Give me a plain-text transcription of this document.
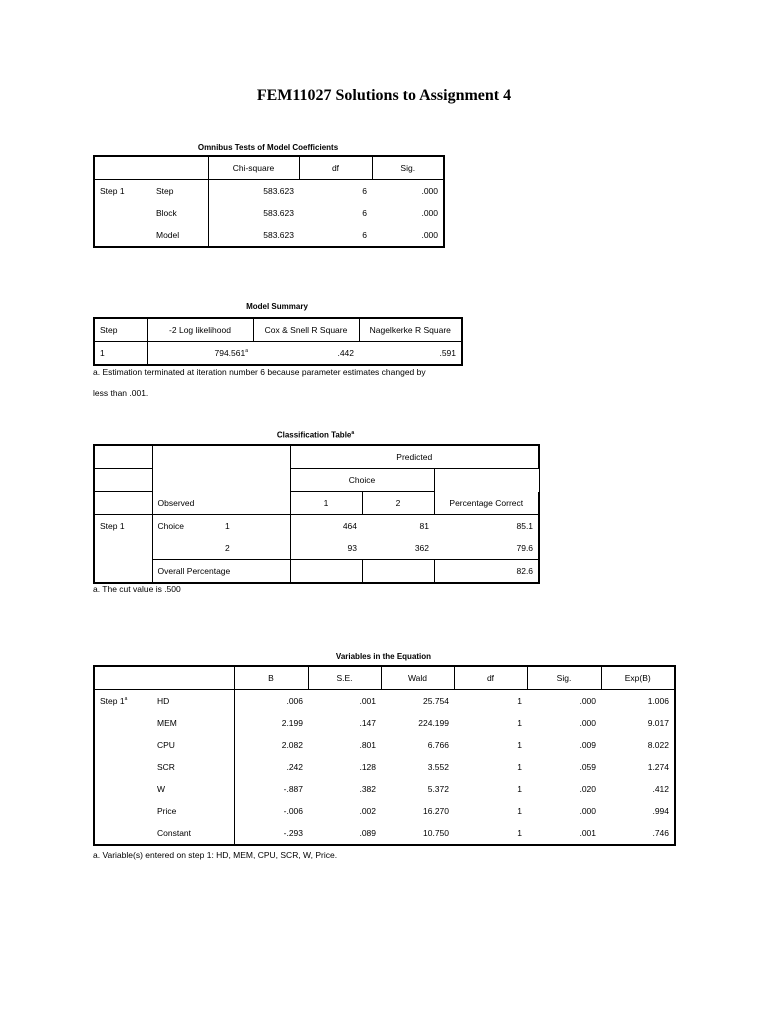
FEM11027 Solutions to Assignment 4
Omnibus Tests of Model Coefficients
		Chi-square	df	Sig.
Step 1	Step	583.623	6	.000
	Block	583.623	6	.000
	Model	583.623	6	.000
Model Summary
Step	-2 Log likelihood	Cox & Snell R Square	Nagelkerke R Square
1	794.561$^a$	.442	.591
a. Estimation terminated at iteration number 6 because parameter estimates changed by
less than .001.
Classification Table$^a$
			Predicted		
			Choice		
	Observed		1	2	Percentage Correct
Step 1	Choice	1	464	81	85.1
		2	93	362	79.6
	Overall Percentage				82.6
a. The cut value is .500
Variables in the Equation
		B	S.E.	Wald	df	Sig.	Exp(B)
Step 1$^a$	HD	.006	.001	25.754	1	.000	1.006
	MEM	2.199	.147	224.199	1	.000	9.017
	CPU	2.082	.801	6.766	1	.009	8.022
	SCR	.242	.128	3.552	1	.059	1.274
	W	-.887	.382	5.372	1	.020	.412
	Price	-.006	.002	16.270	1	.000	.994
	Constant	-.293	.089	10.750	1	.001	.746
a. Variable(s) entered on step 1: HD, MEM, CPU, SCR, W, Price.
